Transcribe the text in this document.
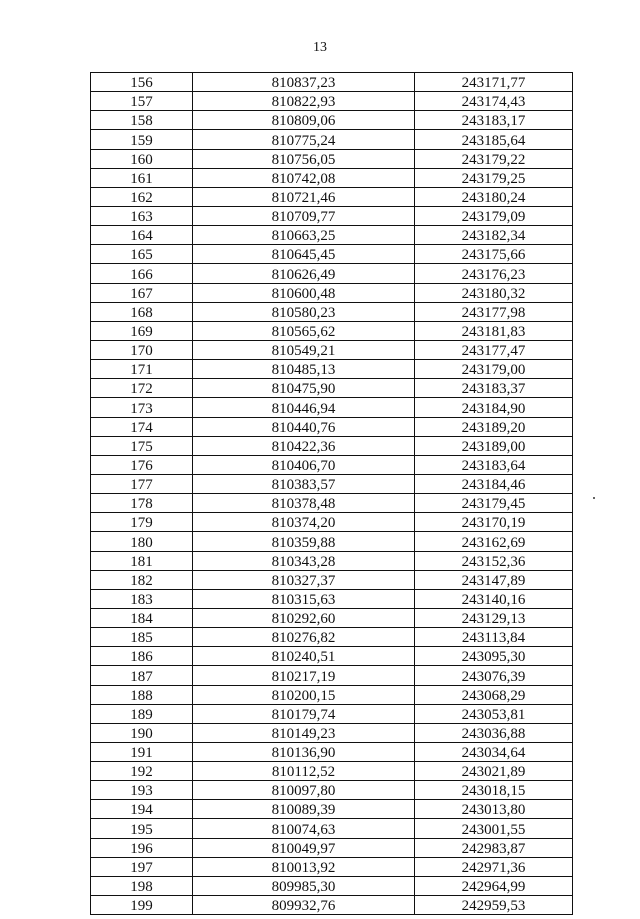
13
156	810837,23	243171,77
157	810822,93	243174,43
158	810809,06	243183,17
159	810775,24	243185,64
160	810756,05	243179,22
161	810742,08	243179,25
162	810721,46	243180,24
163	810709,77	243179,09
164	810663,25	243182,34
165	810645,45	243175,66
166	810626,49	243176,23
167	810600,48	243180,32
168	810580,23	243177,98
169	810565,62	243181,83
170	810549,21	243177,47
171	810485,13	243179,00
172	810475,90	243183,37
173	810446,94	243184,90
174	810440,76	243189,20
175	810422,36	243189,00
176	810406,70	243183,64
177	810383,57	243184,46
178	810378,48	243179,45
179	810374,20	243170,19
180	810359,88	243162,69
181	810343,28	243152,36
182	810327,37	243147,89
183	810315,63	243140,16
184	810292,60	243129,13
185	810276,82	243113,84
186	810240,51	243095,30
187	810217,19	243076,39
188	810200,15	243068,29
189	810179,74	243053,81
190	810149,23	243036,88
191	810136,90	243034,64
192	810112,52	243021,89
193	810097,80	243018,15
194	810089,39	243013,80
195	810074,63	243001,55
196	810049,97	242983,87
197	810013,92	242971,36
198	809985,30	242964,99
199	809932,76	242959,53
